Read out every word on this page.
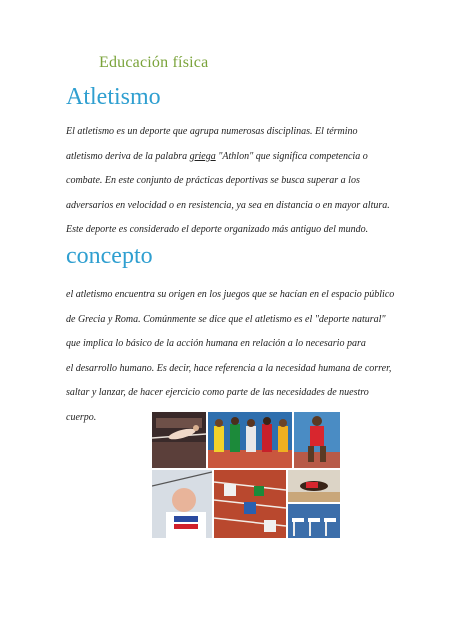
Educación física
Atletismo
El atletismo es un deporte que agrupa numerosas disciplinas. El término
atletismo deriva de la palabra griega "Athlon" que significa competencia o
combate. En este conjunto de prácticas deportivas se busca superar a los
adversarios en velocidad o en resistencia, ya sea en distancia o en mayor altura.
Este deporte es considerado el deporte organizado más antiguo del mundo.
concepto
el atletismo encuentra su origen en los juegos que se hacían en el espacio público
de Grecia y Roma. Comúnmente se dice que el atletismo es el "deporte natural"
que implica lo básico de la acción humana en relación a lo necesario para
el desarrollo humano. Es decir, hace referencia a la necesidad humana de correr,
saltar y lanzar, de hacer ejercicio como parte de las necesidades de nuestro
cuerpo.
